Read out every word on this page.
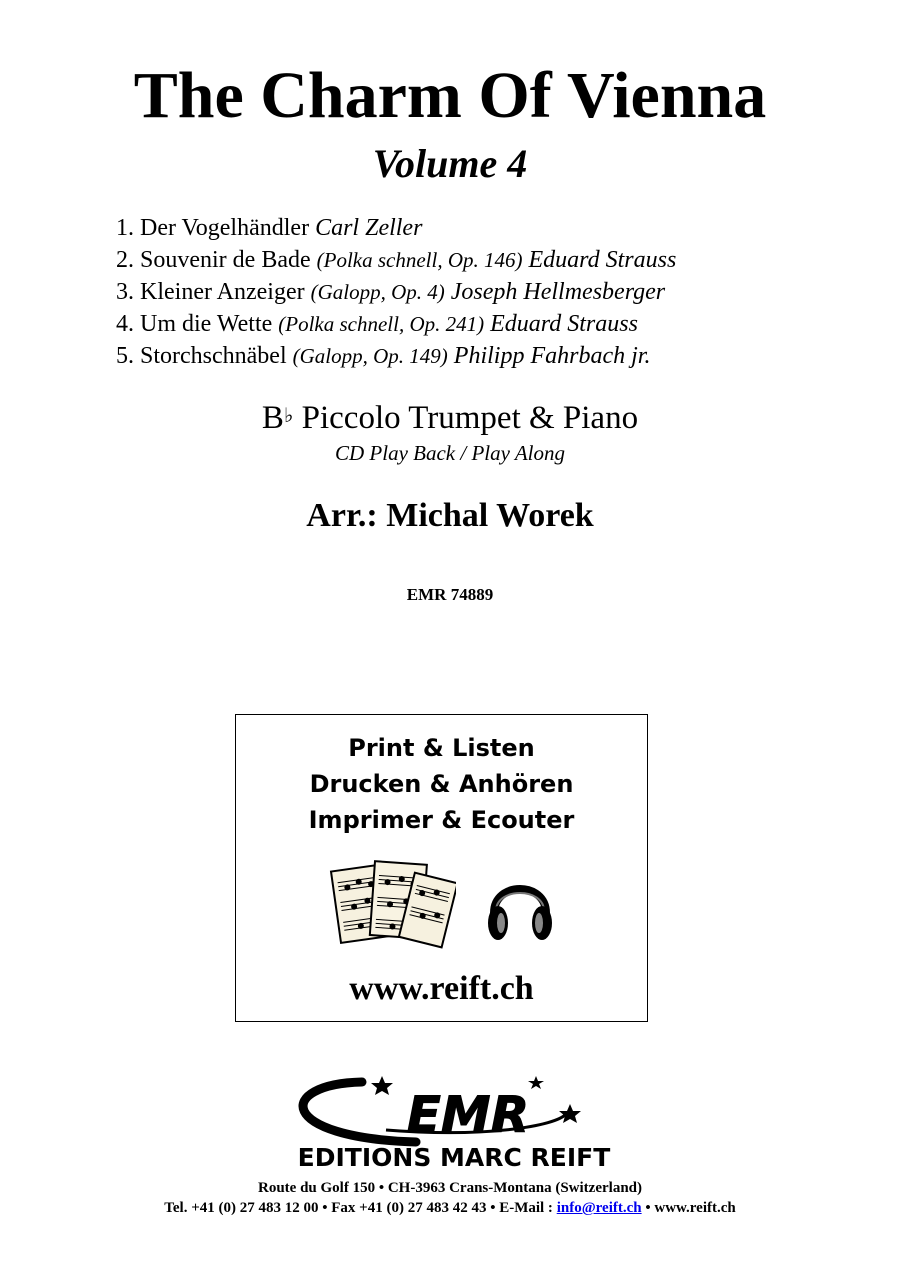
The Charm Of Vienna
Volume 4
1. Der Vogelhändler Carl Zeller
2. Souvenir de Bade (Polka schnell, Op. 146) Eduard Strauss
3. Kleiner Anzeiger (Galopp, Op. 4) Joseph Hellmesberger
4. Um die Wette (Polka schnell, Op. 241) Eduard Strauss
5. Storchschnäbel (Galopp, Op. 149) Philipp Fahrbach jr.
B♭ Piccolo Trumpet & Piano
CD Play Back / Play Along
Arr.: Michal Worek
EMR 74889
Print & Listen
Drucken & Anhören
Imprimer & Ecouter
www.reift.ch
EMR
EDITIONS MARC REIFT
Route du Golf 150 • CH-3963 Crans-Montana (Switzerland)
Tel. +41 (0) 27 483 12 00 • Fax +41 (0) 27 483 42 43 • E-Mail : info@reift.ch • www.reift.ch
